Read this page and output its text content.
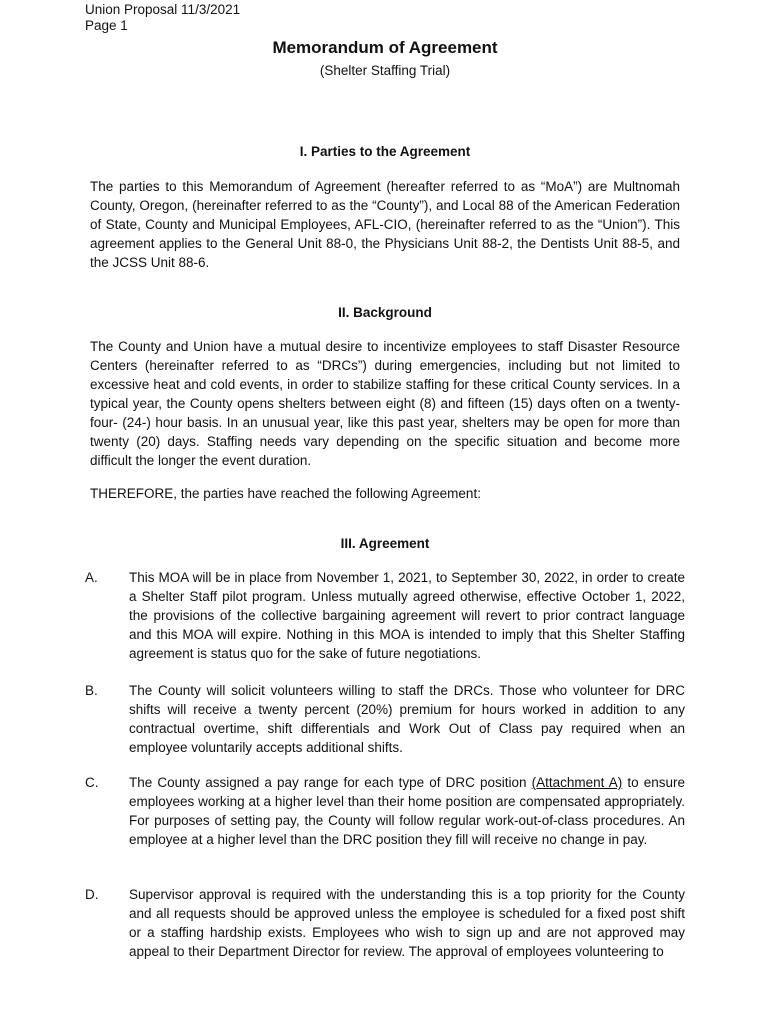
Union Proposal 11/3/2021
Page 1
Memorandum of Agreement
(Shelter Staffing Trial)
I. Parties to the Agreement

The parties to this Memorandum of Agreement (hereafter referred to as “MoA”) are Multnomah County, Oregon, (hereinafter referred to as the “County”), and Local 88 of the American Federation of State, County and Municipal Employees, AFL-CIO, (hereinafter referred to as the “Union”). This agreement applies to the General Unit 88-0, the Physicians Unit 88-2, the Dentists Unit 88-5, and the JCSS Unit 88-6.

II. Background

The County and Union have a mutual desire to incentivize employees to staff Disaster Resource Centers (hereinafter referred to as “DRCs”) during emergencies, including but not limited to excessive heat and cold events, in order to stabilize staffing for these critical County services. In a typical year, the County opens shelters between eight (8) and fifteen (15) days often on a twenty-four- (24-) hour basis. In an unusual year, like this past year, shelters may be open for more than twenty (20) days. Staffing needs vary depending on the specific situation and become more difficult the longer the event duration.

THEREFORE, the parties have reached the following Agreement:

III. Agreement
A. This MOA will be in place from November 1, 2021, to September 30, 2022, in order to create a Shelter Staff pilot program. Unless mutually agreed otherwise, effective October 1, 2022, the provisions of the collective bargaining agreement will revert to prior contract language and this MOA will expire. Nothing in this MOA is intended to imply that this Shelter Staffing agreement is status quo for the sake of future negotiations.

B. The County will solicit volunteers willing to staff the DRCs. Those who volunteer for DRC shifts will receive a twenty percent (20%) premium for hours worked in addition to any contractual overtime, shift differentials and Work Out of Class pay required when an employee voluntarily accepts additional shifts.

C. The County assigned a pay range for each type of DRC position (Attachment A) to ensure employees working at a higher level than their home position are compensated appropriately. For purposes of setting pay, the County will follow regular work-out-of-class procedures. An employee at a higher level than the DRC position they fill will receive no change in pay.

D. Supervisor approval is required with the understanding this is a top priority for the County and all requests should be approved unless the employee is scheduled for a fixed post shift or a staffing hardship exists. Employees who wish to sign up and are not approved may appeal to their Department Director for review. The approval of employees volunteering to
